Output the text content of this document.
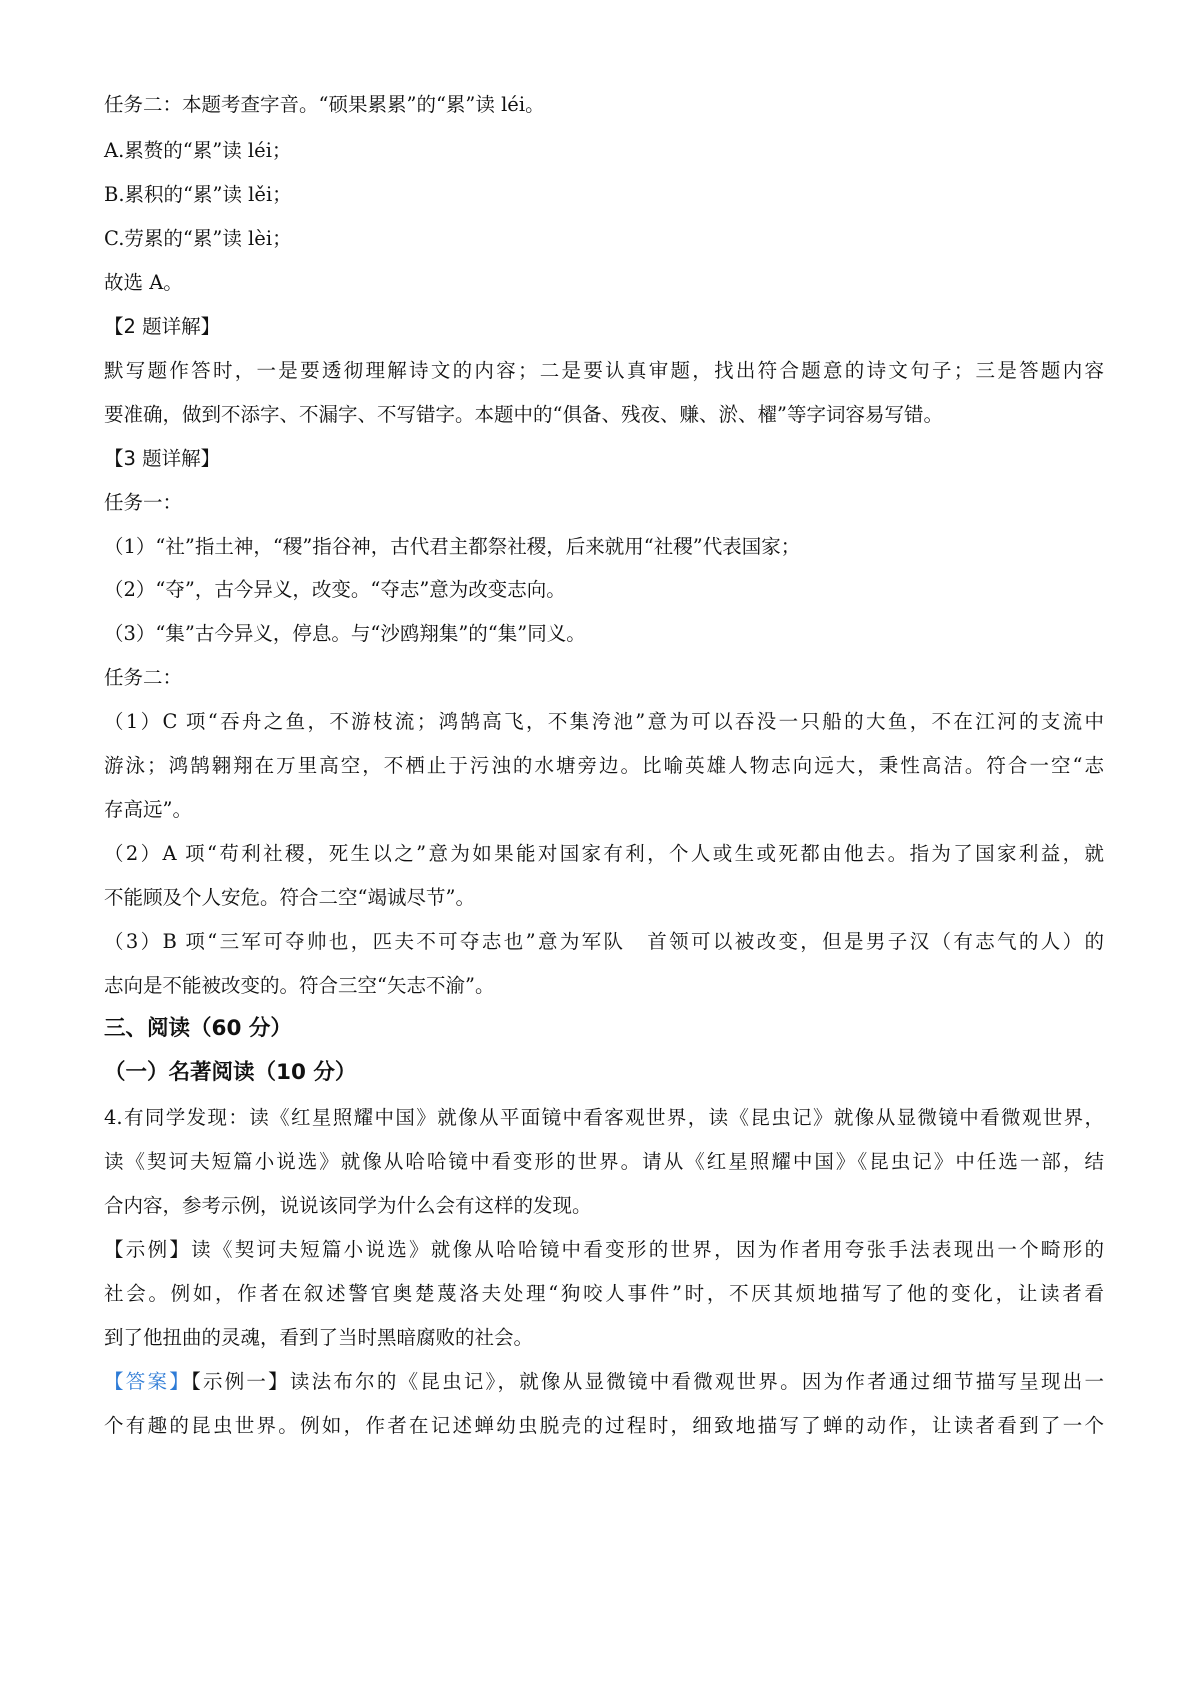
任务二：本题考查字音。“硕果累累”的“累”读 léi。
A.累赘的“累”读 léi；
B.累积的“累”读 lěi；
C.劳累的“累”读 lèi；
故选 A。
【2 题详解】
默写题作答时，一是要透彻理解诗文的内容；二是要认真审题，找出符合题意的诗文句子；三是答题内容
要准确，做到不添字、不漏字、不写错字。本题中的“俱备、残夜、赚、淤、櫂”等字词容易写错。
【3 题详解】
任务一：
（1）“社”指土神，“稷”指谷神，古代君主都祭社稷，后来就用“社稷”代表国家；
（2）“夺”，古今异义，改变。“夺志”意为改变志向。
（3）“集”古今异义，停息。与“沙鸥翔集”的“集”同义。
任务二：
（1）C 项“吞舟之鱼，不游枝流；鸿鹄高飞，不集洿池”意为可以吞没一只船的大鱼，不在江河的支流中
游泳；鸿鹄翱翔在万里高空，不栖止于污浊的水塘旁边。比喻英雄人物志向远大，秉性高洁。符合一空“志
存高远”。
（2）A 项“苟利社稷，死生以之”意为如果能对国家有利，个人或生或死都由他去。指为了国家利益，就
不能顾及个人安危。符合二空“竭诚尽节”。
（3）B 项“三军可夺帅也，匹夫不可夺志也”意为军队　首领可以被改变，但是男子汉（有志气的人）的
志向是不能被改变的。符合三空“矢志不渝”。
三、阅读（60 分）
（一）名著阅读（10 分）
4.有同学发现：读《红星照耀中国》就像从平面镜中看客观世界，读《昆虫记》就像从显微镜中看微观世界，
读《契诃夫短篇小说选》就像从哈哈镜中看变形的世界。请从《红星照耀中国》《昆虫记》中任选一部，结
合内容，参考示例，说说该同学为什么会有这样的发现。
【示例】读《契诃夫短篇小说选》就像从哈哈镜中看变形的世界，因为作者用夸张手法表现出一个畸形的
社会。例如，作者在叙述警官奥楚蔑洛夫处理“狗咬人事件”时，不厌其烦地描写了他的变化，让读者看
到了他扭曲的灵魂，看到了当时黑暗腐败的社会。
【答案】【示例一】读法布尔的《昆虫记》，就像从显微镜中看微观世界。因为作者通过细节描写呈现出一
个有趣的昆虫世界。例如，作者在记述蝉幼虫脱壳的过程时，细致地描写了蝉的动作，让读者看到了一个
